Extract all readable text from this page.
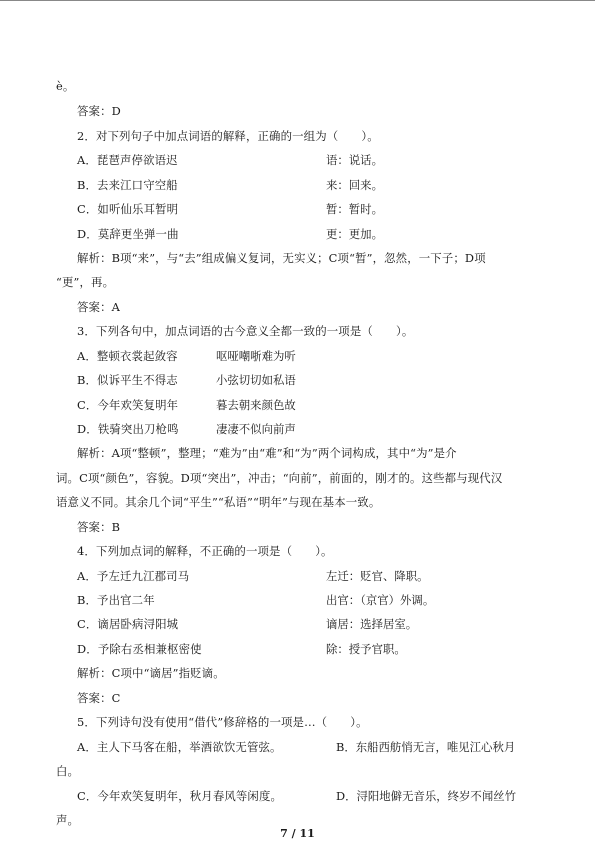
è。
答案：D
2．对下列句子中加点词语的解释，正确的一组为（　　）。
A．琵琶声停欲语迟	语：说话。
B．去来江口守空船	来：回来。
C．如听仙乐耳暂明	暂：暂时。
D．莫辞更坐弹一曲	更：更加。
解析：B项“来”，与“去”组成偏义复词，无实义；C项“暂”，忽然，一下子；D项
“更”，再。
答案：A
3．下列各句中，加点词语的古今意义全都一致的一项是（　　）。
A．整顿衣裳起敛容	呕哑嘲哳难为听
B．似诉平生不得志	小弦切切如私语
C．今年欢笑复明年	暮去朝来颜色故
D．铁骑突出刀枪鸣	凄凄不似向前声
解析：A项“整顿”，整理；“难为”由“难”和“为”两个词构成，其中“为”是介
词。C项“颜色”，容貌。D项“突出”，冲击；“向前”，前面的，刚才的。这些都与现代汉
语意义不同。其余几个词“平生”“私语”“明年”与现在基本一致。
答案：B
4．下列加点词的解释，不正确的一项是（　　）。
A．予左迁九江郡司马	左迁：贬官、降职。
B．予出官二年	出官：（京官）外调。
C．谪居卧病浔阳城	谪居：选择居室。
D．予除右丞相兼枢密使	除：授予官职。
解析：C项中“谪居”指贬谪。
答案：C
5．下列诗句没有使用“借代”修辞格的一项是…（　　）。
A．主人下马客在船，举酒欲饮无管弦。	B．东船西舫悄无言，唯见江心秋月
白。
C．今年欢笑复明年，秋月春风等闲度。	D．浔阳地僻无音乐，终岁不闻丝竹
声。
7 / 11
